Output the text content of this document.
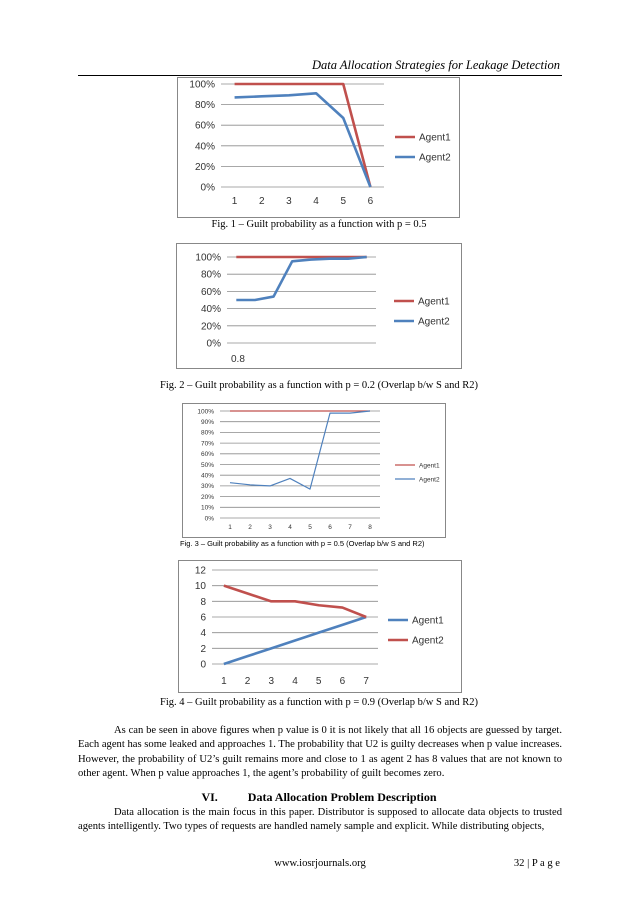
Data Allocation Strategies for Leakage Detection
100%
80%
60%
40%
20%
0%
1 2 3 4 5 6
Agent1
Agent2
Fig. 1 – Guilt probability as a function with p = 0.5
100%
80%
60%
40%
20%
0%
0.8
Agent1
Agent2
Fig. 2 – Guilt probability as a function with p = 0.2 (Overlap b/w S and R2)
100%
90%
80%
70%
60%
50%
40%
30%
20%
10%
0%
1	2	3	4	5	6	7	8
Agent1
Agent2
Fig. 3 – Guilt probability as a function with p = 0.5 (Overlap b/w S and R2)
12
10
8
6
4
2
0
1 2 3 4 5 6 7
Agent1
Agent2
Fig. 4 – Guilt probability as a function with p = 0.9 (Overlap b/w S and R2)
As can be seen in above figures when p value is 0 it is not likely that all 16 objects are guessed by target. Each agent has some leaked and approaches 1. The probability that U2 is guilty decreases when p value increases. However, the probability of U2’s guilt remains more and close to 1 as agent 2 has 8 values that are not known to other agent. When p value approaches 1, the agent’s probability of guilt becomes zero.
VI.	Data Allocation Problem Description
Data allocation is the main focus in this paper. Distributor is supposed to allocate data objects to trusted agents intelligently. Two types of requests are handled namely sample and explicit. While distributing objects,
www.iosrjournals.org	32 | P a g e
